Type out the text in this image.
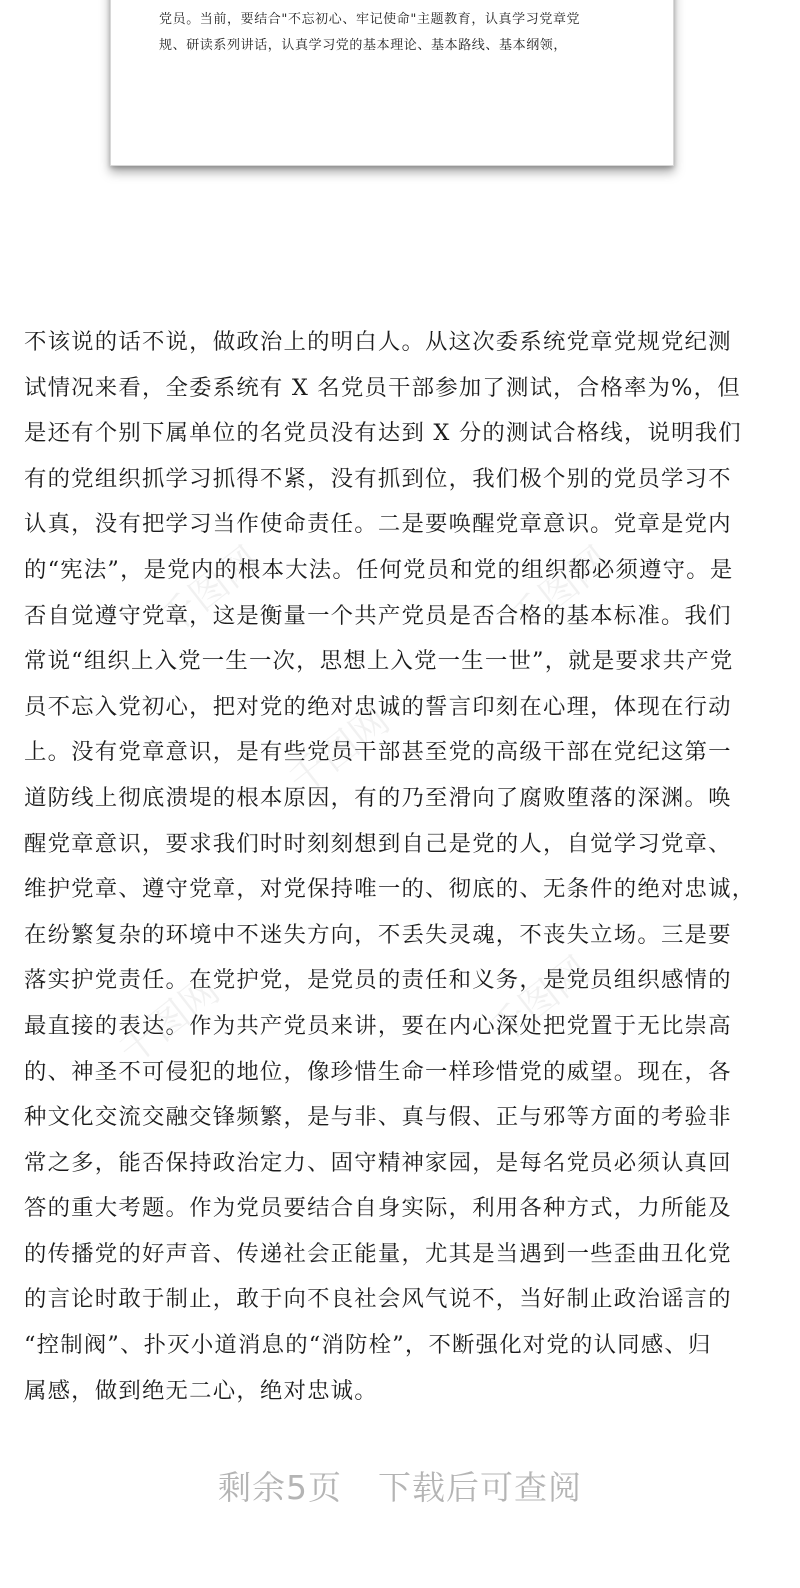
党员。当前，要结合"不忘初心、牢记使命"主题教育，认真学习党章党

规、研读系列讲话，认真学习党的基本理论、基本路线、基本纲领，

千图网	千图网
千图网
千图网	千图网

不该说的话不说，做政治上的明白人。从这次委系统党章党规党纪测

试情况来看，全委系统有 X 名党员干部参加了测试，合格率为%，但

是还有个别下属单位的名党员没有达到 X 分的测试合格线，说明我们

有的党组织抓学习抓得不紧，没有抓到位，我们极个别的党员学习不

认真，没有把学习当作使命责任。二是要唤醒党章意识。党章是党内

的“宪法”，是党内的根本大法。任何党员和党的组织都必须遵守。是

否自觉遵守党章，这是衡量一个共产党员是否合格的基本标准。我们

常说“组织上入党一生一次，思想上入党一生一世”，就是要求共产党

员不忘入党初心，把对党的绝对忠诚的誓言印刻在心理，体现在行动

上。没有党章意识，是有些党员干部甚至党的高级干部在党纪这第一

道防线上彻底溃堤的根本原因，有的乃至滑向了腐败堕落的深渊。唤

醒党章意识，要求我们时时刻刻想到自己是党的人，自觉学习党章、

维护党章、遵守党章，对党保持唯一的、彻底的、无条件的绝对忠诚，

在纷繁复杂的环境中不迷失方向，不丢失灵魂，不丧失立场。三是要

落实护党责任。在党护党，是党员的责任和义务，是党员组织感情的

最直接的表达。作为共产党员来讲，要在内心深处把党置于无比崇高

的、神圣不可侵犯的地位，像珍惜生命一样珍惜党的威望。现在，各

种文化交流交融交锋频繁，是与非、真与假、正与邪等方面的考验非

常之多，能否保持政治定力、固守精神家园，是每名党员必须认真回

答的重大考题。作为党员要结合自身实际，利用各种方式，力所能及

的传播党的好声音、传递社会正能量，尤其是当遇到一些歪曲丑化党

的言论时敢于制止，敢于向不良社会风气说不，当好制止政治谣言的

“控制阀”、扑灭小道消息的“消防栓”，不断强化对党的认同感、归

属感，做到绝无二心，绝对忠诚。

剩余5页 下载后可查阅
